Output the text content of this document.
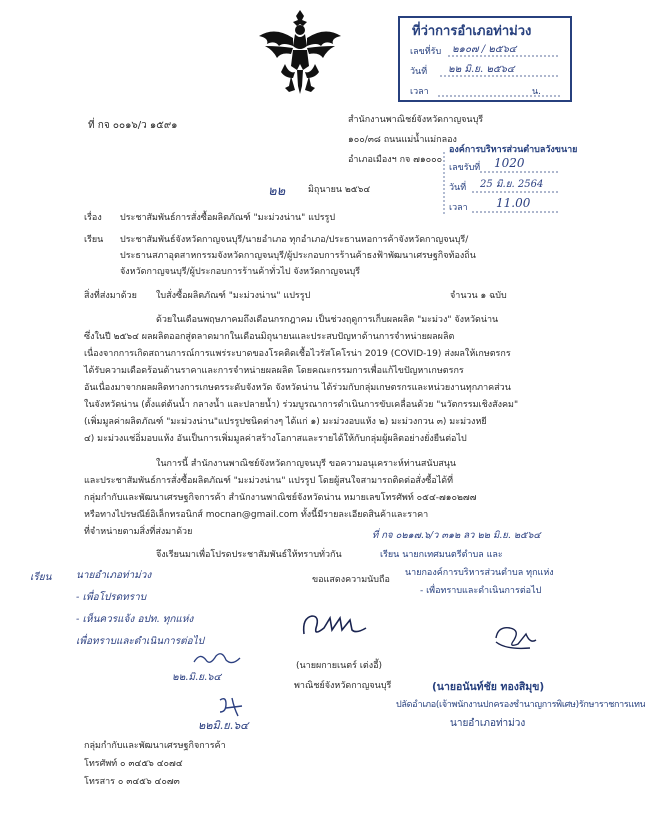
ที่ว่าการอำเภอท่าม่วง
เลขที่รับ ๒๑๐๗ / ๒๕๖๔
วันที่ ๒๒ มิ.ย. ๒๕๖๔
เวลา	น.
ที่ กจ ๐๐๑๖/ว ๑๕๙๑	สำนักงานพาณิชย์จังหวัดกาญจนบุรี
๑๐๐/๓๘ ถนนแม่น้ำแม่กลอง
อำเภอเมืองฯ กจ ๗๑๐๐๐
องค์การบริหารส่วนตำบลวังขนาย
เลขรับที่ 1020
วันที่ 25 มิ.ย. 2564
เวลา 11.00
๒๒	มิถุนายน ๒๕๖๔
เรื่อง ประชาสัมพันธ์การสั่งซื้อผลิตภัณฑ์ "มะม่วงน่าน" แปรรูป
เรียน ประชาสัมพันธ์จังหวัดกาญจนบุรี/นายอำเภอ ทุกอำเภอ/ประธานหอการค้าจังหวัดกาญจนบุรี/
ประธานสภาอุตสาหกรรมจังหวัดกาญจนบุรี/ผู้ประกอบการร้านค้าธงฟ้าพัฒนาเศรษฐกิจท้องถิ่น
จังหวัดกาญจนบุรี/ผู้ประกอบการร้านค้าทั่วไป จังหวัดกาญจนบุรี
สิ่งที่ส่งมาด้วย ใบสั่งซื้อผลิตภัณฑ์ "มะม่วงน่าน" แปรรูป	จำนวน ๑ ฉบับ
ด้วยในเดือนพฤษภาคมถึงเดือนกรกฎาคม เป็นช่วงฤดูการเก็บผลผลิต "มะม่วง" จังหวัดน่าน
ซึ่งในปี ๒๕๖๔ ผลผลิตออกสู่ตลาดมากในเดือนมิถุนายนและประสบปัญหาด้านการจำหน่ายผลผลิต
เนื่องจากการเกิดสถานการณ์การแพร่ระบาดของโรคติดเชื้อไวรัสโคโรน่า 2019 (COVID-19) ส่งผลให้เกษตรกร
ได้รับความเดือดร้อนด้านราคาและการจำหน่ายผลผลิต โดยคณะกรรมการเพื่อแก้ไขปัญหาเกษตรกร
อันเนื่องมาจากผลผลิตทางการเกษตรระดับจังหวัด จังหวัดน่าน ได้ร่วมกับกลุ่มเกษตรกรและหน่วยงานทุกภาคส่วน
ในจังหวัดน่าน (ตั้งแต่ต้นน้ำ กลางน้ำ และปลายน้ำ) ร่วมบูรณาการดำเนินการขับเคลื่อนด้วย "นวัตกรรมเชิงสังคม"
(เพิ่มมูลค่าผลิตภัณฑ์ "มะม่วงน่าน"แปรรูปชนิดต่างๆ ได้แก่ ๑) มะม่วงอบแห้ง ๒) มะม่วงกวน ๓) มะม่วงหยี
๔) มะม่วงแช่อิ่มอบแห้ง อันเป็นการเพิ่มมูลค่าสร้างโอกาสและรายได้ให้กับกลุ่มผู้ผลิตอย่างยั่งยืนต่อไป
ในการนี้ สำนักงานพาณิชย์จังหวัดกาญจนบุรี ขอความอนุเคราะห์ท่านสนับสนุน
และประชาสัมพันธ์การสั่งซื้อผลิตภัณฑ์ "มะม่วงน่าน" แปรรูป โดยผู้สนใจสามารถติดต่อสั่งซื้อได้ที่
กลุ่มกำกับและพัฒนาเศรษฐกิจการค้า สำนักงานพาณิชย์จังหวัดน่าน หมายเลขโทรศัพท์ ๐๕๔-๗๑๐๒๗๗
หรือทางไปรษณีย์อิเล็กทรอนิกส์ mocnan@gmail.com ทั้งนี้มีรายละเอียดสินค้าและราคา
ที่จำหน่ายตามสิ่งที่ส่งมาด้วย	ที่ กจ ๐๒๑๗.๖/ว ๓๑๒ ลว ๒๒ มิ.ย. ๒๕๖๔
เรียน นายกเทศมนตรีตำบล และ
นายกองค์การบริหารส่วนตำบล ทุกแห่ง
- เพื่อทราบและดำเนินการต่อไป
จึงเรียนมาเพื่อโปรดประชาสัมพันธ์ให้ทราบทั่วกัน
เรียน นายอำเภอท่าม่วง
- เพื่อโปรดทราบ
- เห็นควรแจ้ง อปท. ทุกแห่ง
เพื่อทราบและดำเนินการต่อไป
๒๒.มิ.ย.๖๔
๒๒มิ.ย.๖๔
ขอแสดงความนับถือ
(นายผกายเนตร์ เต่งอี้)
พาณิชย์จังหวัดกาญจนบุรี	(นายอนันท์ชัย ทองสิมุข)
ปลัดอำเภอ(เจ้าพนักงานปกครองชำนาญการพิเศษ)รักษาราชการแทน
นายอำเภอท่าม่วง
กลุ่มกำกับและพัฒนาเศรษฐกิจการค้า
โทรศัพท์ ๐ ๓๔๕๖ ๔๐๗๔
โทรสาร ๐ ๓๔๕๖ ๔๐๗๓
